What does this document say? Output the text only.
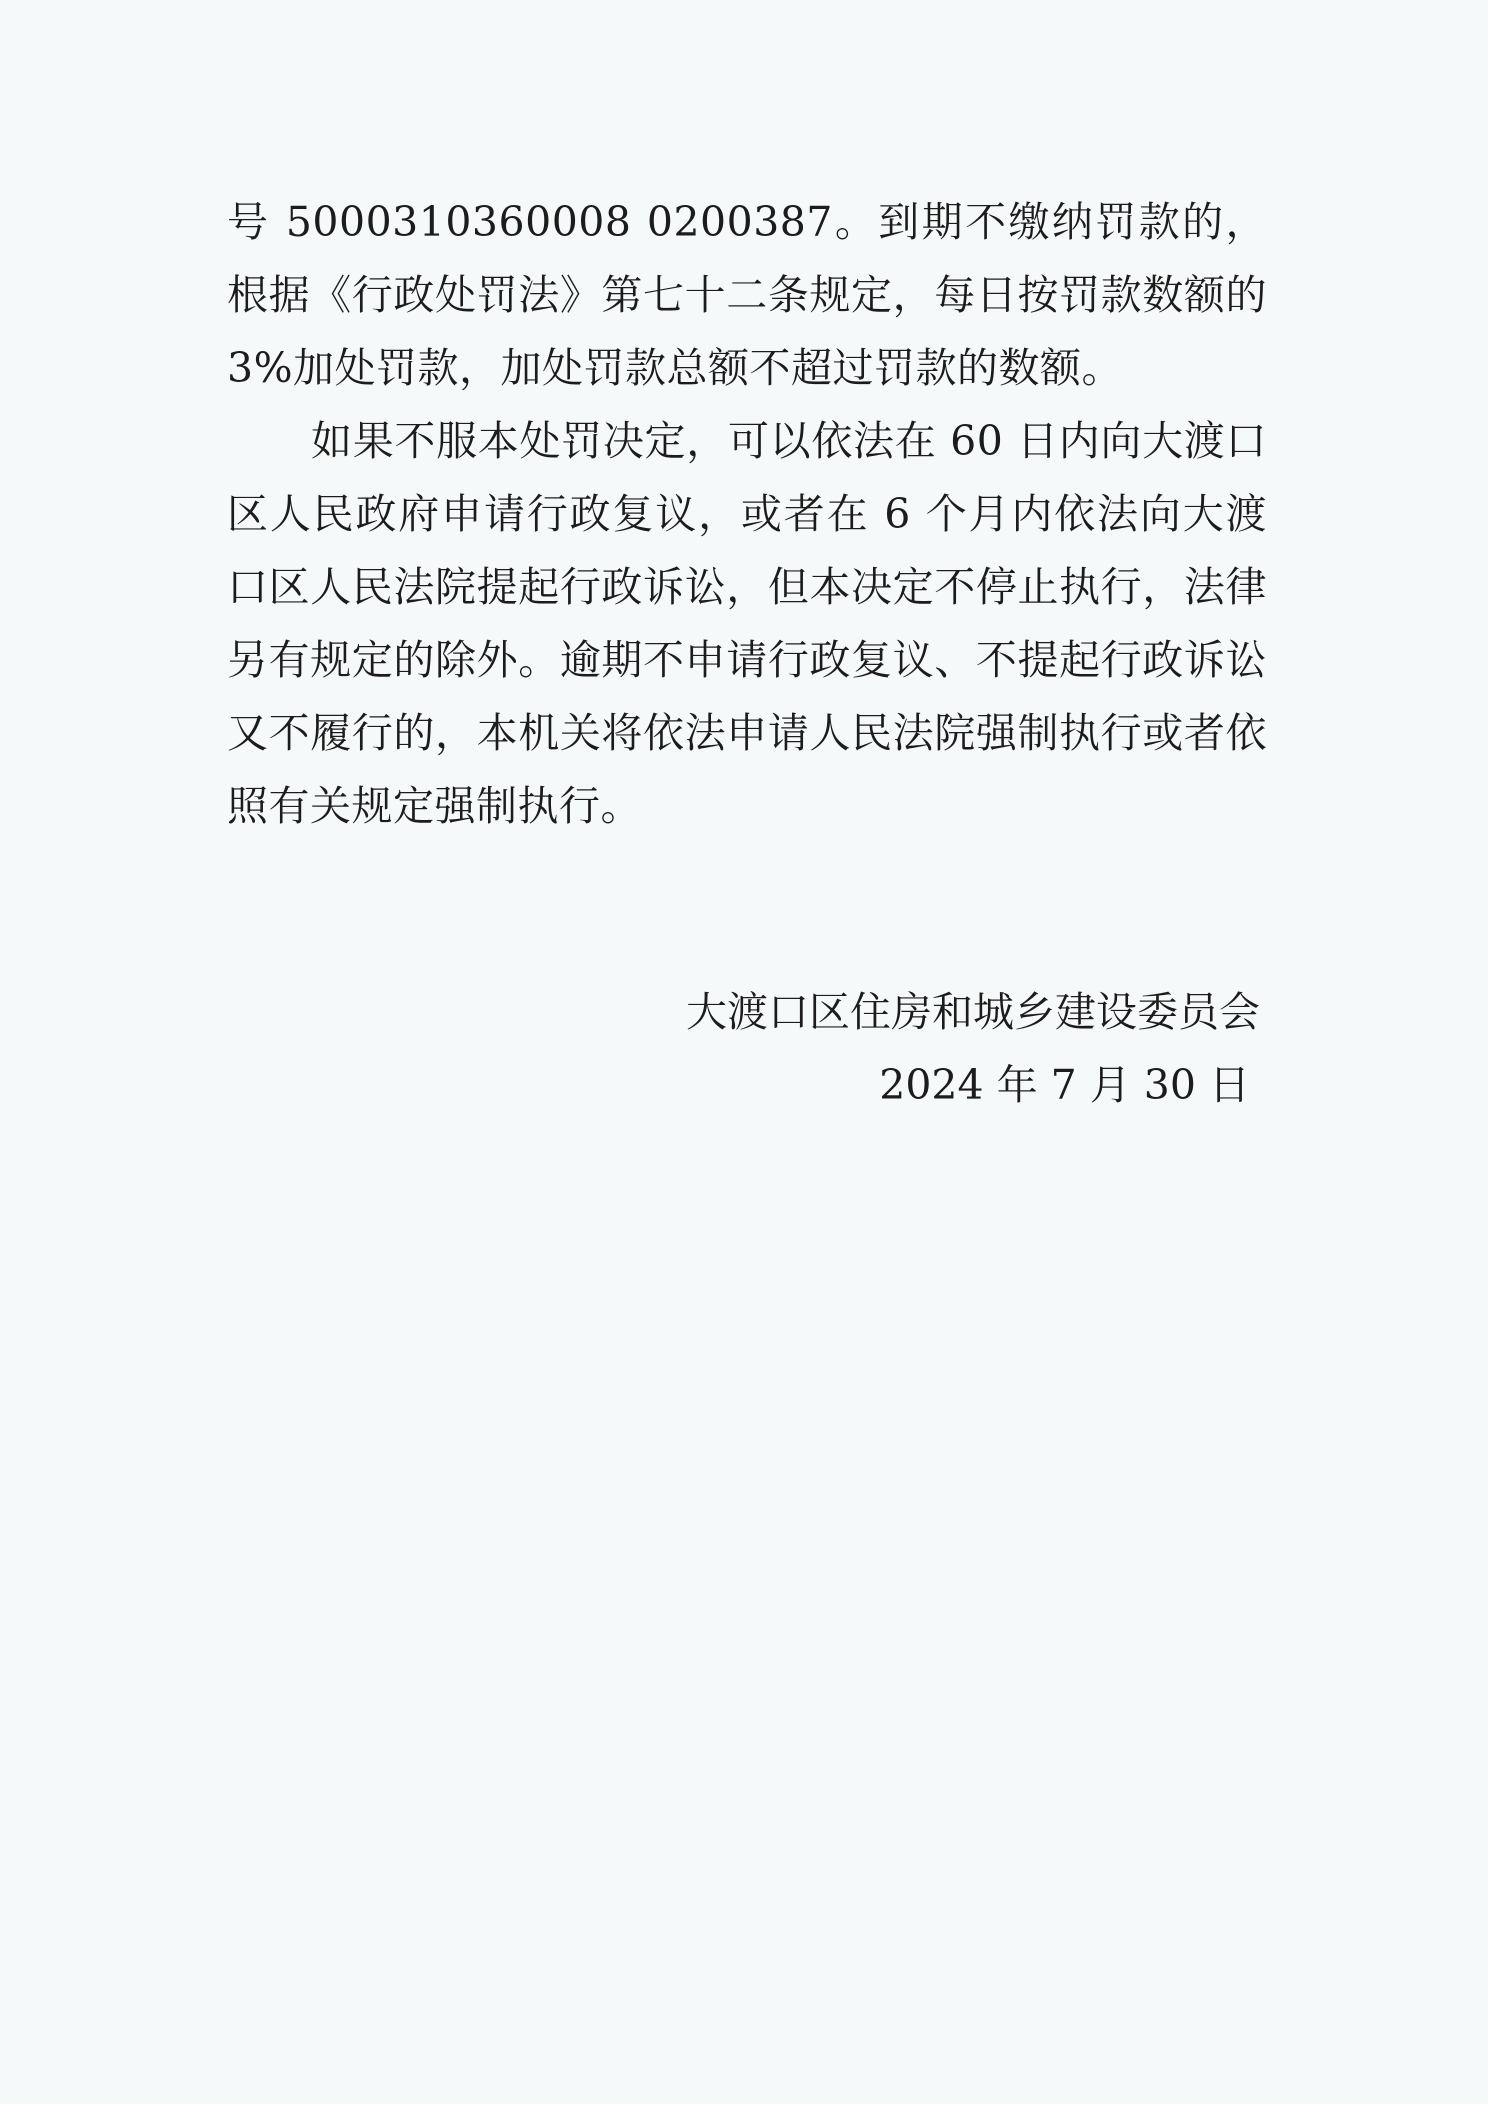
号 5000310360008 0200387。到期不缴纳罚款的，根据《行政处罚法》第七十二条规定，每日按罚款数额的 3%加处罚款，加处罚款总额不超过罚款的数额。

如果不服本处罚决定，可以依法在 60 日内向大渡口区人民政府申请行政复议，或者在 6 个月内依法向大渡口区人民法院提起行政诉讼，但本决定不停止执行，法律另有规定的除外。逾期不申请行政复议、不提起行政诉讼又不履行的，本机关将依法申请人民法院强制执行或者依照有关规定强制执行。

大渡口区住房和城乡建设委员会
2024 年 7 月 30 日
